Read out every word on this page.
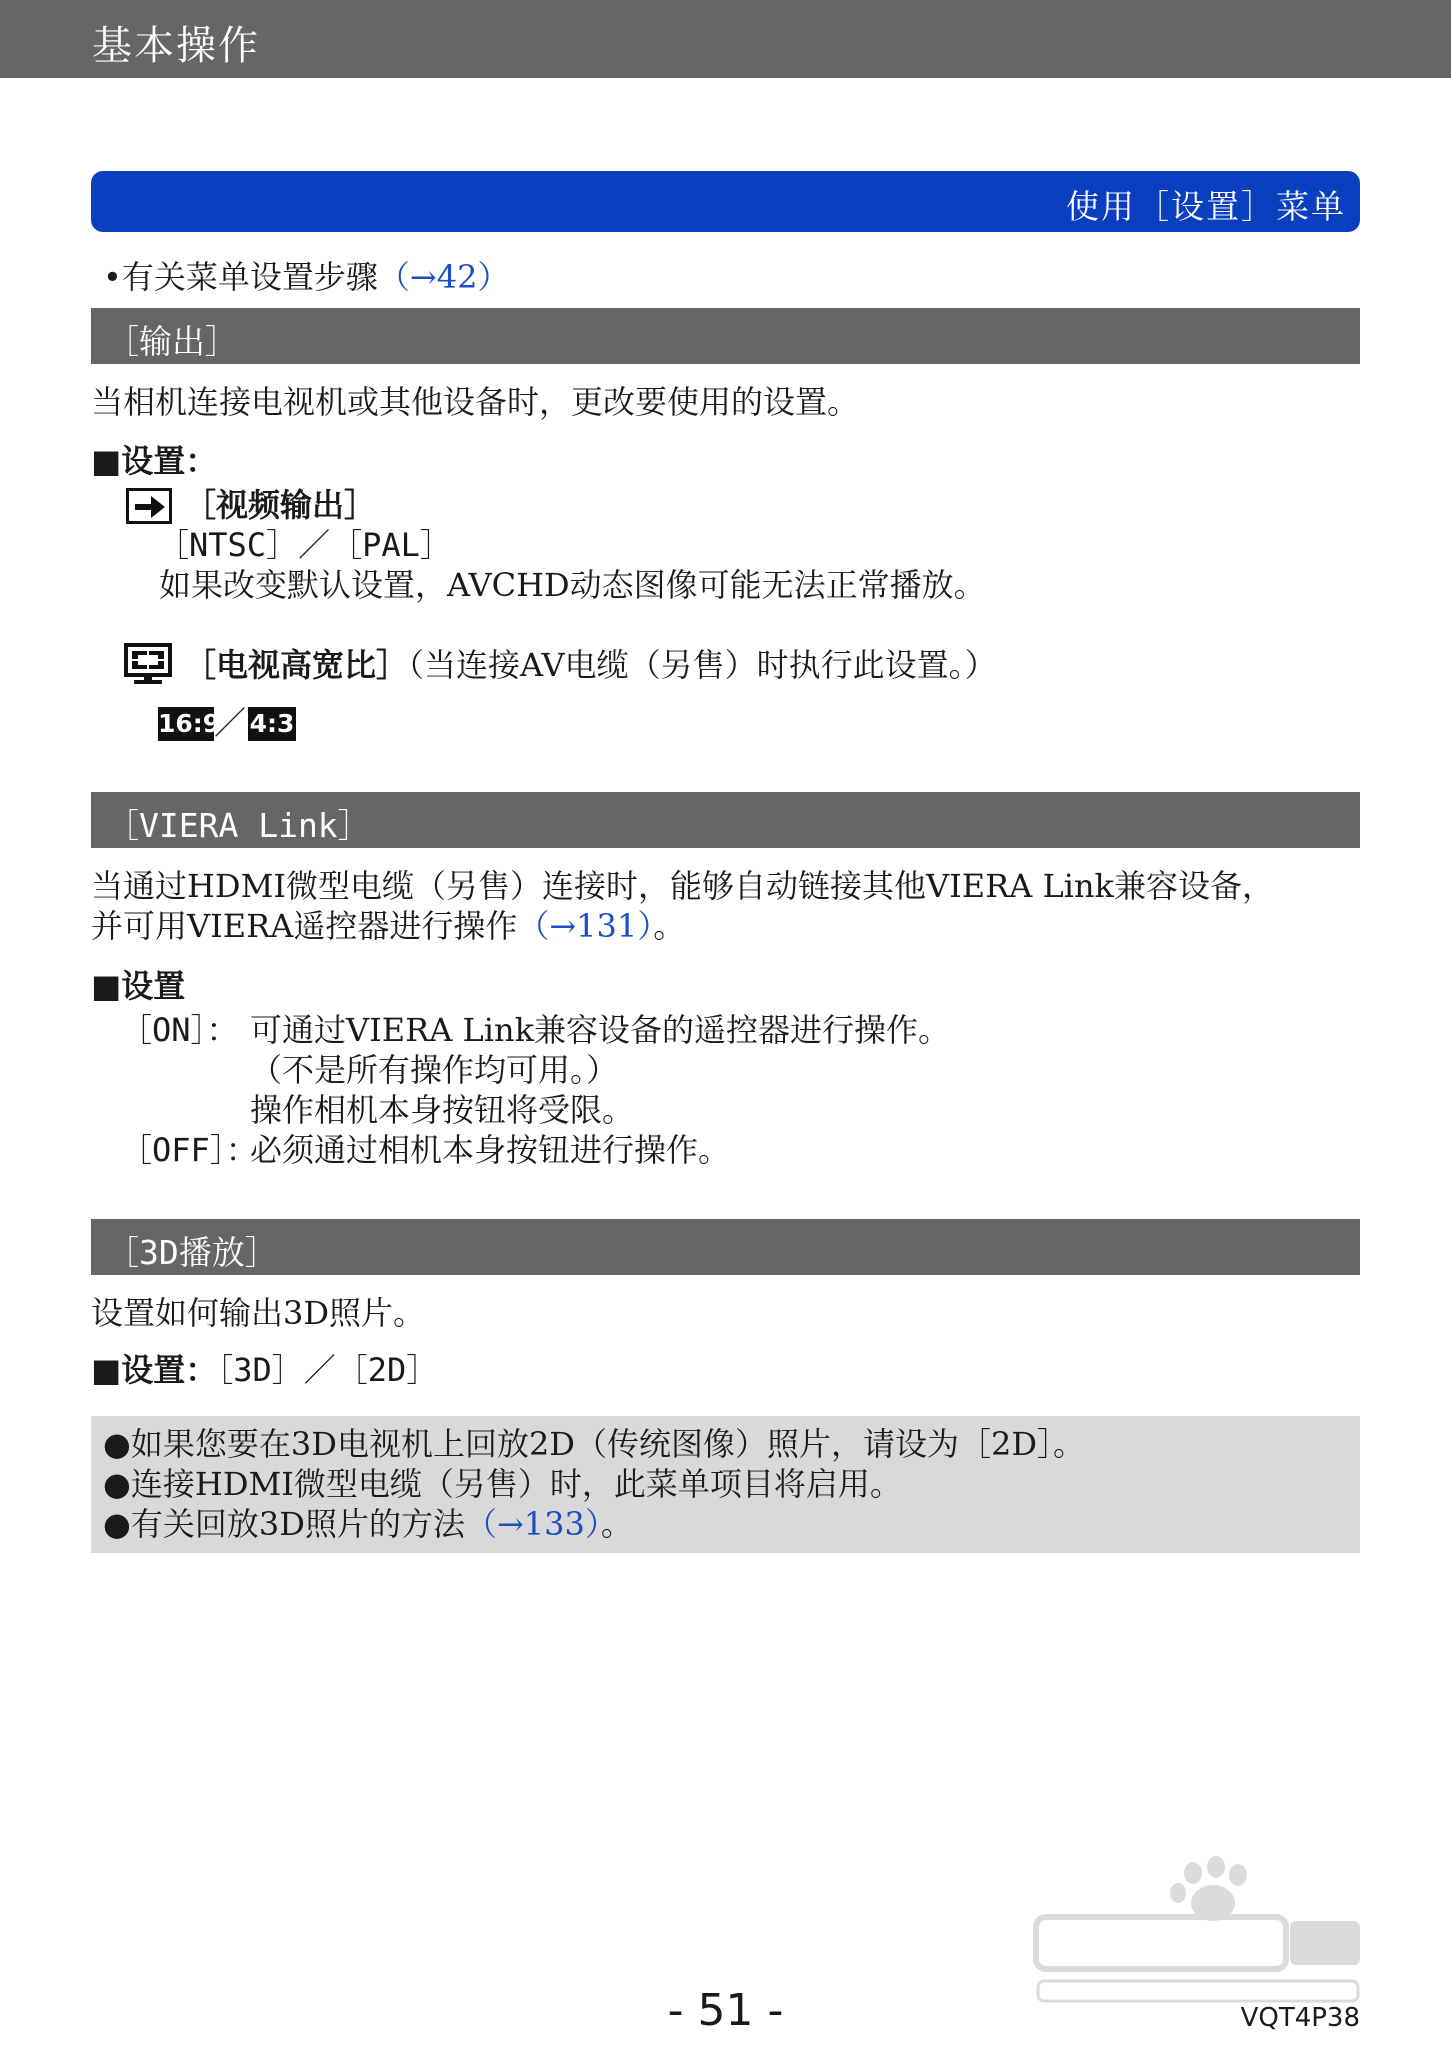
基本操作
使用［设置］菜单
•有关菜单设置步骤（→42）
［输出］
当相机连接电视机或其他设备时，更改要使用的设置。
■设置：
［视频输出］
［NTSC］／［PAL］
如果改变默认设置，AVCHD动态图像可能无法正常播放。
［电视高宽比］（当连接AV电缆（另售）时执行此设置。）
16:9
／ 4:3
［VIERA Link］
当通过HDMI微型电缆（另售）连接时，能够自动链接其他VIERA Link兼容设备，
并可用VIERA遥控器进行操作（→131）。
■设置
［ON］： 可通过VIERA Link兼容设备的遥控器进行操作。
（不是所有操作均可用。）
操作相机本身按钮将受限。
［OFF］：
必须通过相机本身按钮进行操作。
［3D播放］
设置如何输出3D照片。
■设置：［3D］／［2D］
●如果您要在3D电视机上回放2D（传统图像）照片，请设为［2D］。
●连接HDMI微型电缆（另售）时，此菜单项目将启用。
●有关回放3D照片的方法（→133）。
- 51 -	VQT4P38
